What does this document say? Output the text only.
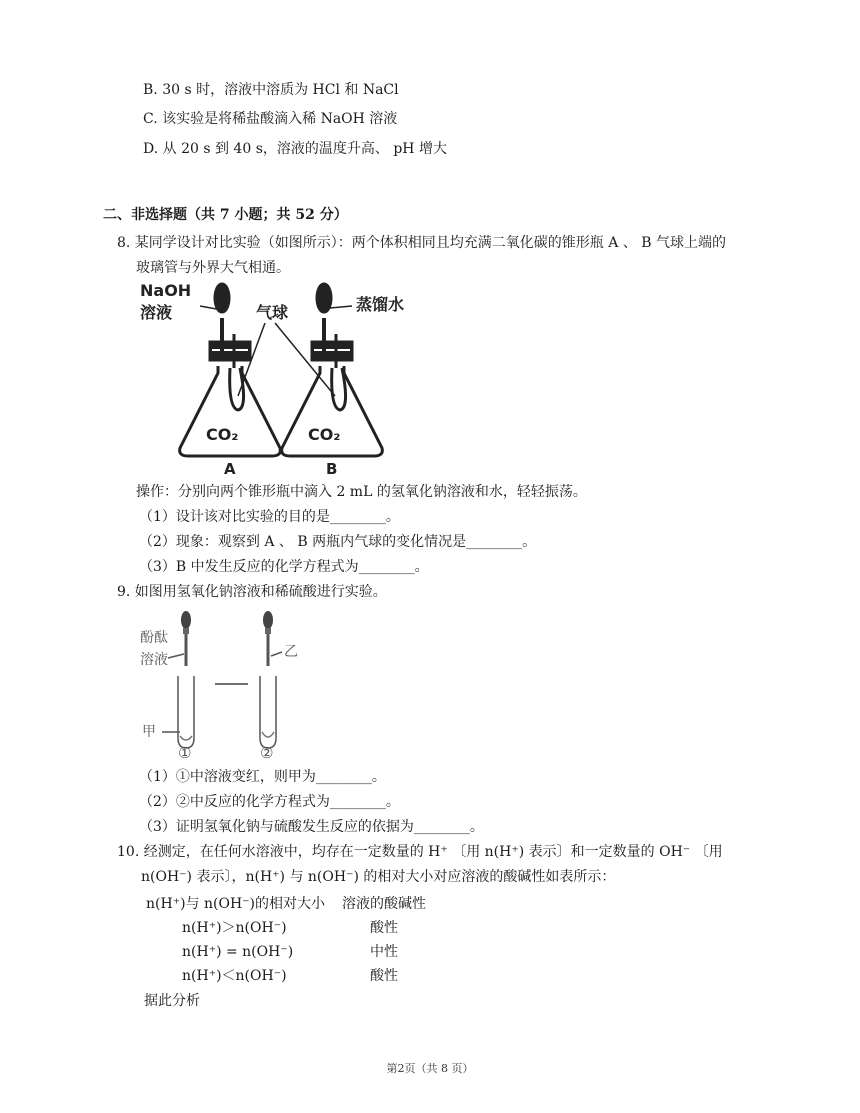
B. 30 s 时，溶液中溶质为 HCl 和 NaCl
C. 该实验是将稀盐酸滴入稀 NaOH 溶液
D. 从 20 s 到 40 s，溶液的温度升高、 pH 增大
二、非选择题（共 7 小题；共 52 分）
8. 某同学设计对比实验（如图所示）：两个体积相同且均充满二氧化碳的锥形瓶 A 、 B 气球上端的
玻璃管与外界大气相通。
NaOH
溶液	气球	蒸馏水
CO₂	CO₂
A	B
操作：分别向两个锥形瓶中滴入 2 mL 的氢氧化钠溶液和水，轻轻振荡。
（1）设计该对比实验的目的是________。
（2）现象：观察到 A 、 B 两瓶内气球的变化情况是________。
（3）B 中发生反应的化学方程式为________。
9. 如图用氢氧化钠溶液和稀硫酸进行实验。
酚酞
溶液	乙
甲
①	②
（1）①中溶液变红，则甲为________。
（2）②中反应的化学方程式为________。
（3）证明氢氧化钠与硫酸发生反应的依据为________。
10. 经测定，在任何水溶液中，均存在一定数量的 H⁺ 〔用 n(H⁺) 表示〕和一定数量的 OH⁻ 〔用
n(OH⁻) 表示〕，n(H⁺) 与 n(OH⁻) 的相对大小对应溶液的酸碱性如表所示：
n(H⁺)与 n(OH⁻)的相对大小 溶液的酸碱性
n(H⁺)＞n(OH⁻)	酸性
n(H⁺) = n(OH⁻)	中性
n(H⁺)＜n(OH⁻)	酸性
据此分析
第2页（共 8 页）
